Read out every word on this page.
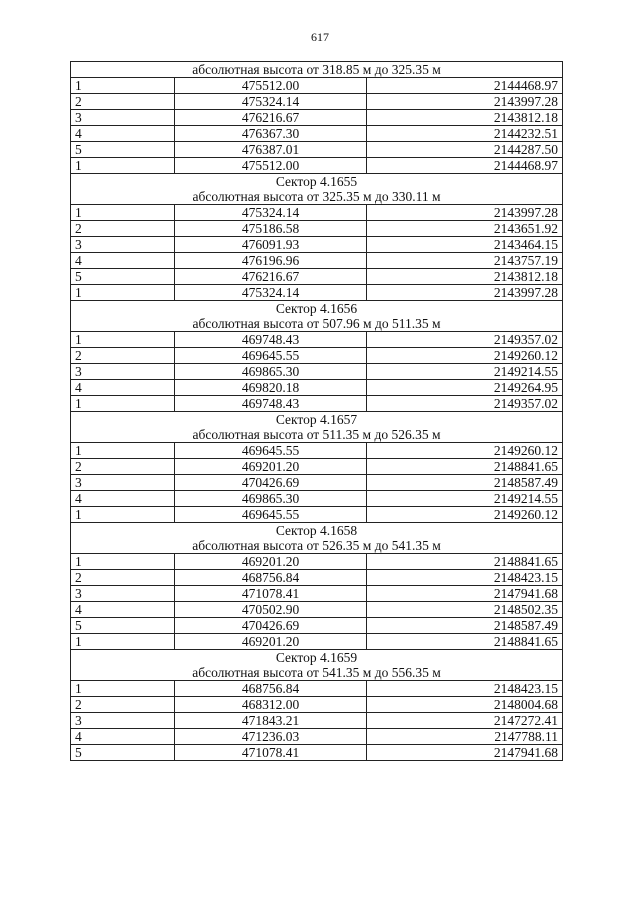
617
абсолютная высота от 318.85 м до 325.35 м		
1	475512.00	2144468.97
2	475324.14	2143997.28
3	476216.67	2143812.18
4	476367.30	2144232.51
5	476387.01	2144287.50
1	475512.00	2144468.97
Сектор 4.1655		
абсолютная высота от 325.35 м до 330.11 м		
1	475324.14	2143997.28
2	475186.58	2143651.92
3	476091.93	2143464.15
4	476196.96	2143757.19
5	476216.67	2143812.18
1	475324.14	2143997.28
Сектор 4.1656		
абсолютная высота от 507.96 м до 511.35 м		
1	469748.43	2149357.02
2	469645.55	2149260.12
3	469865.30	2149214.55
4	469820.18	2149264.95
1	469748.43	2149357.02
Сектор 4.1657		
абсолютная высота от 511.35 м до 526.35 м		
1	469645.55	2149260.12
2	469201.20	2148841.65
3	470426.69	2148587.49
4	469865.30	2149214.55
1	469645.55	2149260.12
Сектор 4.1658		
абсолютная высота от 526.35 м до 541.35 м		
1	469201.20	2148841.65
2	468756.84	2148423.15
3	471078.41	2147941.68
4	470502.90	2148502.35
5	470426.69	2148587.49
1	469201.20	2148841.65
Сектор 4.1659		
абсолютная высота от 541.35 м до 556.35 м		
1	468756.84	2148423.15
2	468312.00	2148004.68
3	471843.21	2147272.41
4	471236.03	2147788.11
5	471078.41	2147941.68
